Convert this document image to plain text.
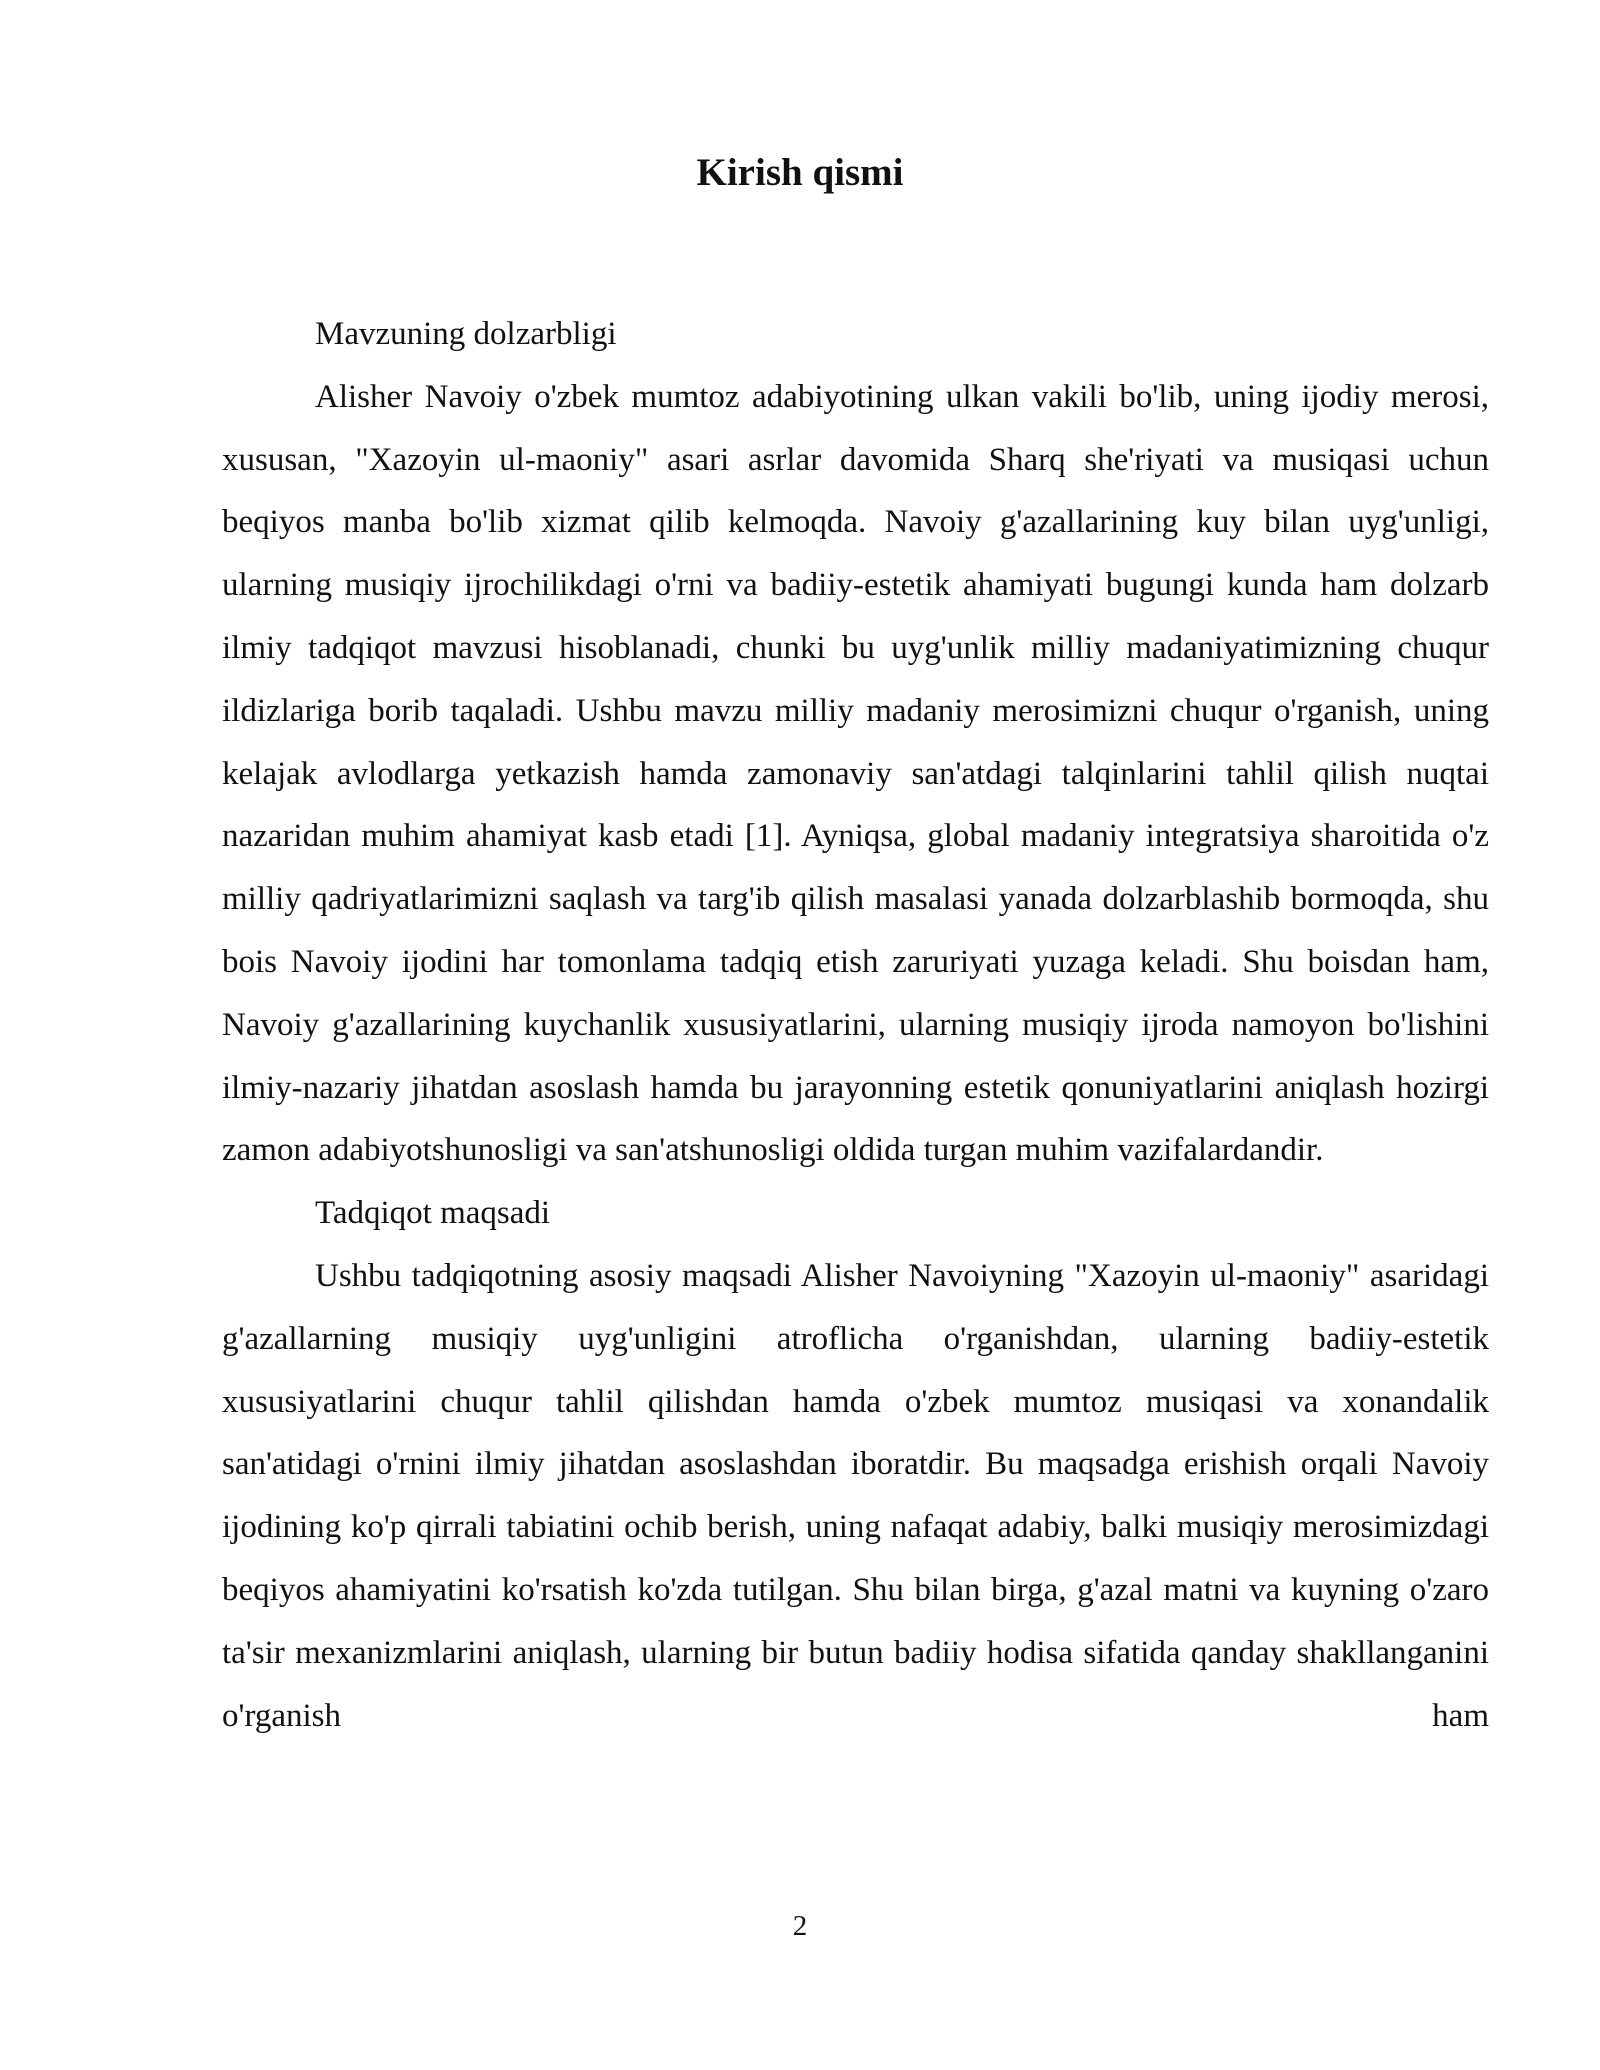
Kirish qismi

Mavzuning dolzarbligi

Alisher Navoiy o'zbek mumtoz adabiyotining ulkan vakili bo'lib, uning ijodiy merosi, xususan, "Xazoyin ul-maoniy" asari asrlar davomida Sharq she'riyati va musiqasi uchun beqiyos manba bo'lib xizmat qilib kelmoqda. Navoiy g'azallarining kuy bilan uyg'unligi, ularning musiqiy ijrochilikdagi o'rni va badiiy-estetik ahamiyati bugungi kunda ham dolzarb ilmiy tadqiqot mavzusi hisoblanadi, chunki bu uyg'unlik milliy madaniyatimizning chuqur ildizlariga borib taqaladi. Ushbu mavzu milliy madaniy merosimizni chuqur o'rganish, uning kelajak avlodlarga yetkazish hamda zamonaviy san'atdagi talqinlarini tahlil qilish nuqtai nazaridan muhim ahamiyat kasb etadi [1]. Ayniqsa, global madaniy integratsiya sharoitida o'z milliy qadriyatlarimizni saqlash va targ'ib qilish masalasi yanada dolzarblashib bormoqda, shu bois Navoiy ijodini har tomonlama tadqiq etish zaruriyati yuzaga keladi. Shu boisdan ham, Navoiy g'azallarining kuychanlik xususiyatlarini, ularning musiqiy ijroda namoyon bo'lishini ilmiy-nazariy jihatdan asoslash hamda bu jarayonning estetik qonuniyatlarini aniqlash hozirgi zamon adabiyotshunosligi va san'atshunosligi oldida turgan muhim vazifalardandir.

Tadqiqot maqsadi

Ushbu tadqiqotning asosiy maqsadi Alisher Navoiyning "Xazoyin ul-maoniy" asaridagi g'azallarning musiqiy uyg'unligini atroflicha o'rganishdan, ularning badiiy-estetik xususiyatlarini chuqur tahlil qilishdan hamda o'zbek mumtoz musiqasi va xonandalik san'atidagi o'rnini ilmiy jihatdan asoslashdan iboratdir. Bu maqsadga erishish orqali Navoiy ijodining ko'p qirrali tabiatini ochib berish, uning nafaqat adabiy, balki musiqiy merosimizdagi beqiyos ahamiyatini ko'rsatish ko'zda tutilgan. Shu bilan birga, g'azal matni va kuyning o'zaro ta'sir mexanizmlarini aniqlash, ularning bir butun badiiy hodisa sifatida qanday shakllanganini o'rganish ham

2
